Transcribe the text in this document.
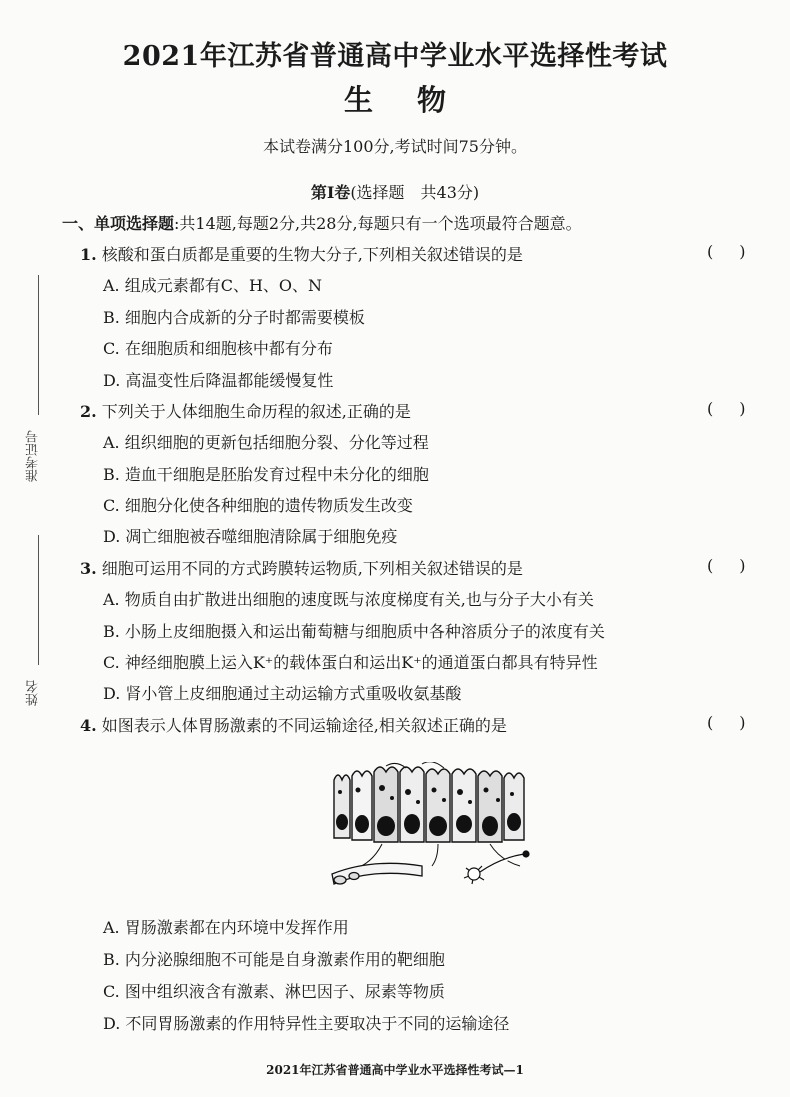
准考证号
姓名
2021年江苏省普通高中学业水平选择性考试
生物
本试卷满分100分,考试时间75分钟。
第Ⅰ卷(选择题　共43分)
一、单项选择题:共14题,每题2分,共28分,每题只有一个选项最符合题意。
1. 核酸和蛋白质都是重要的生物大分子,下列相关叙述错误的是	()
A. 组成元素都有C、H、O、N
B. 细胞内合成新的分子时都需要模板
C. 在细胞质和细胞核中都有分布
D. 高温变性后降温都能缓慢复性
2. 下列关于人体细胞生命历程的叙述,正确的是	()
A. 组织细胞的更新包括细胞分裂、分化等过程
B. 造血干细胞是胚胎发育过程中未分化的细胞
C. 细胞分化使各种细胞的遗传物质发生改变
D. 凋亡细胞被吞噬细胞清除属于细胞免疫
3. 细胞可运用不同的方式跨膜转运物质,下列相关叙述错误的是	()
A. 物质自由扩散进出细胞的速度既与浓度梯度有关,也与分子大小有关
B. 小肠上皮细胞摄入和运出葡萄糖与细胞质中各种溶质分子的浓度有关
C. 神经细胞膜上运入K⁺的载体蛋白和运出K⁺的通道蛋白都具有特异性
D. 肾小管上皮细胞通过主动运输方式重吸收氨基酸
4. 如图表示人体胃肠激素的不同运输途径,相关叙述正确的是	()
A. 胃肠激素都在内环境中发挥作用
B. 内分泌腺细胞不可能是自身激素作用的靶细胞
C. 图中组织液含有激素、淋巴因子、尿素等物质
D. 不同胃肠激素的作用特异性主要取决于不同的运输途径
2021年江苏省普通高中学业水平选择性考试—1
